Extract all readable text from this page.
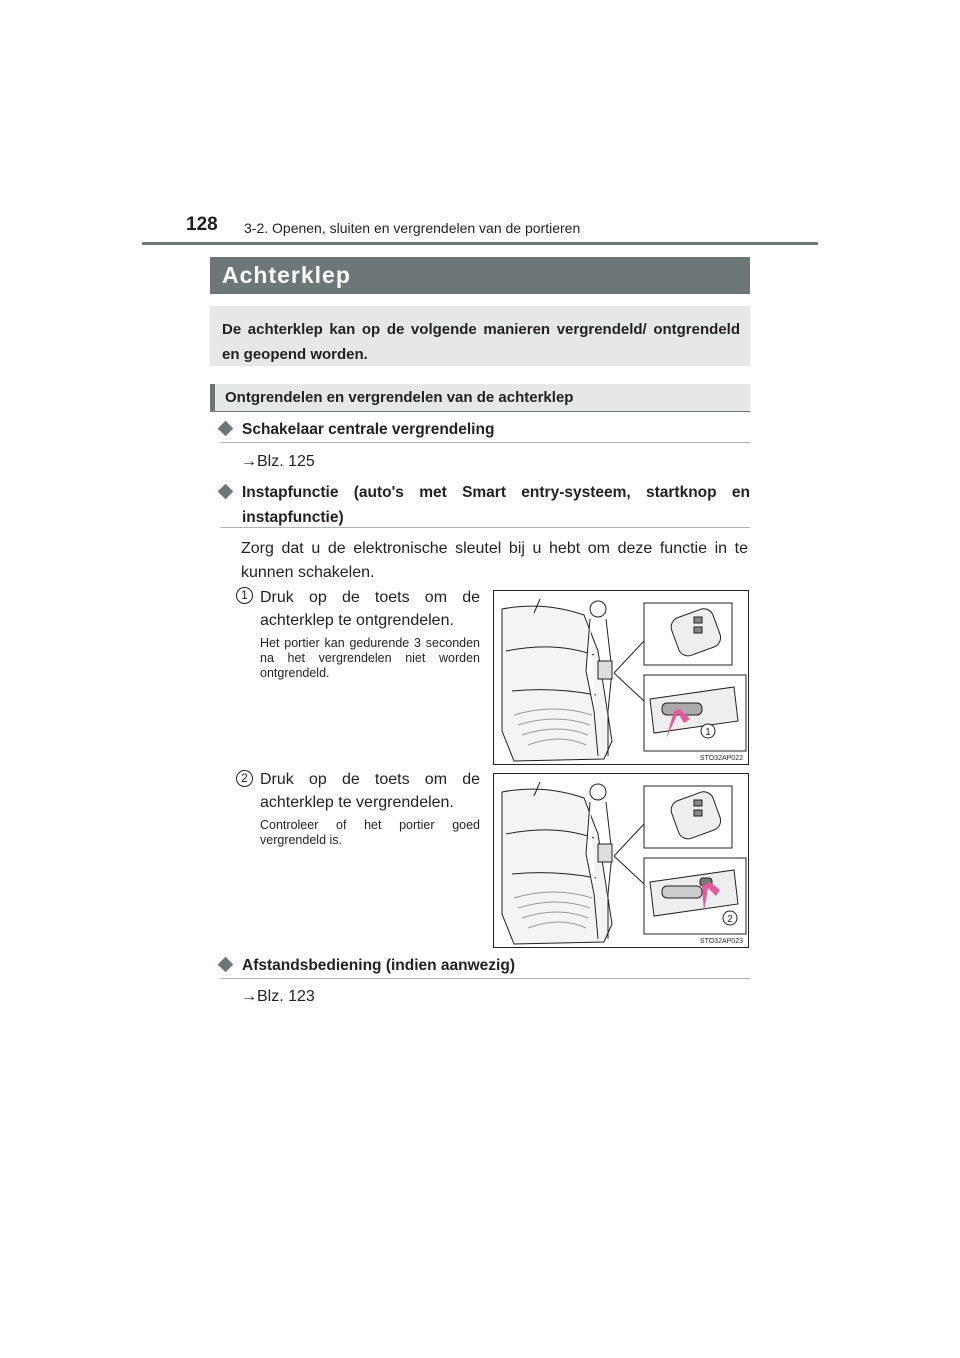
128 3-2. Openen, sluiten en vergrendelen van de portieren
Achterklep

De achterklep kan op de volgende manieren vergrendeld/ ontgrendeld en geopend worden.

Ontgrendelen en vergrendelen van de achterklep
Schakelaar centrale vergrendeling
→Blz. 125
Instapfunctie (auto's met Smart entry-systeem, startknop en instapfunctie)
Zorg dat u de elektronische sleutel bij u hebt om deze functie in te kunnen schakelen.
1 Druk op de toets om de achterklep te ontgrendelen.
Het portier kan gedurende 3 seconden na het vergrendelen niet worden ontgrendeld.
1
STO32AP022
2 Druk op de toets om de achterklep te vergrendelen.
Controleer of het portier goed vergrendeld is.
2
STO32AP023
Afstandsbediening (indien aanwezig)
→Blz. 123
